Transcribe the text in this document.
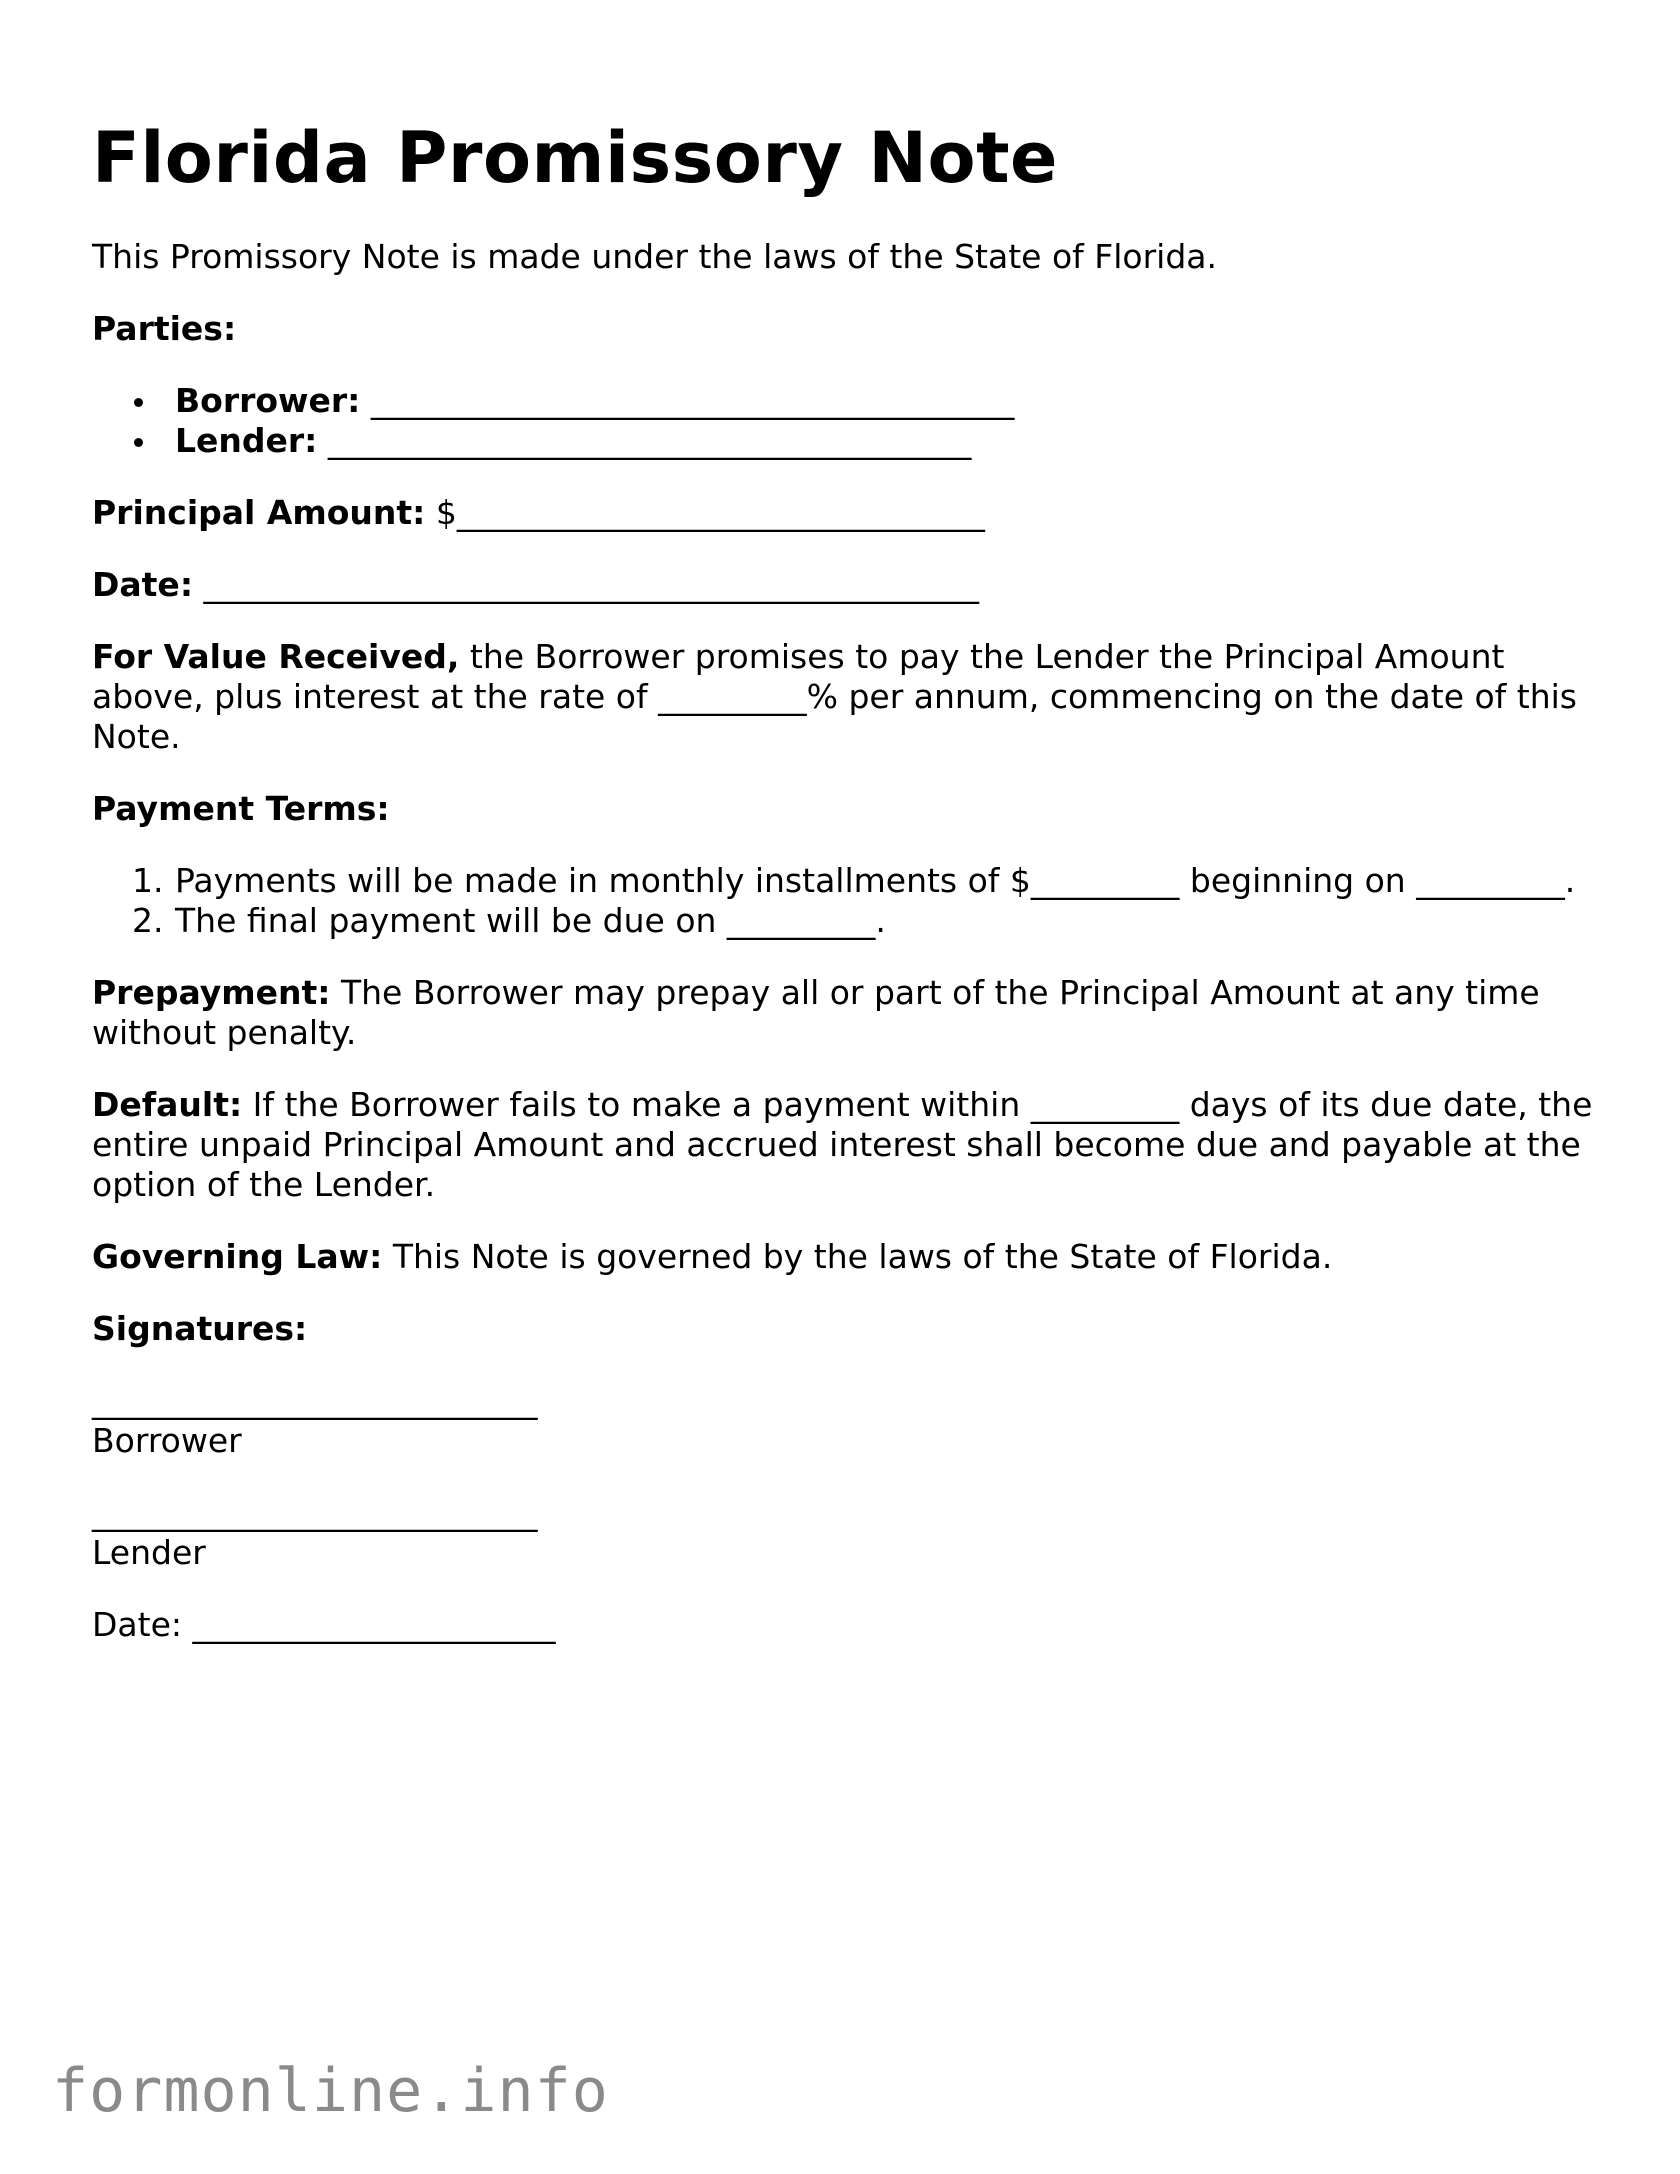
Florida Promissory Note

This Promissory Note is made under the laws of the State of Florida.

Parties:

Borrower: _______________________________________
Lender: _______________________________________

Principal Amount: $________________________________

Date: _______________________________________________

For Value Received, the Borrower promises to pay the Lender the Principal Amount above, plus interest at the rate of _________% per annum, commencing on the date of this Note.

Payment Terms:

1. Payments will be made in monthly installments of $_________ beginning on _________.
2. The final payment will be due on _________.

Prepayment: The Borrower may prepay all or part of the Principal Amount at any time without penalty.

Default: If the Borrower fails to make a payment within _________ days of its due date, the entire unpaid Principal Amount and accrued interest shall become due and payable at the option of the Lender.

Governing Law: This Note is governed by the laws of the State of Florida.

Signatures:

___________________________
Borrower
___________________________
Lender

Date: ______________________

formonline.info
